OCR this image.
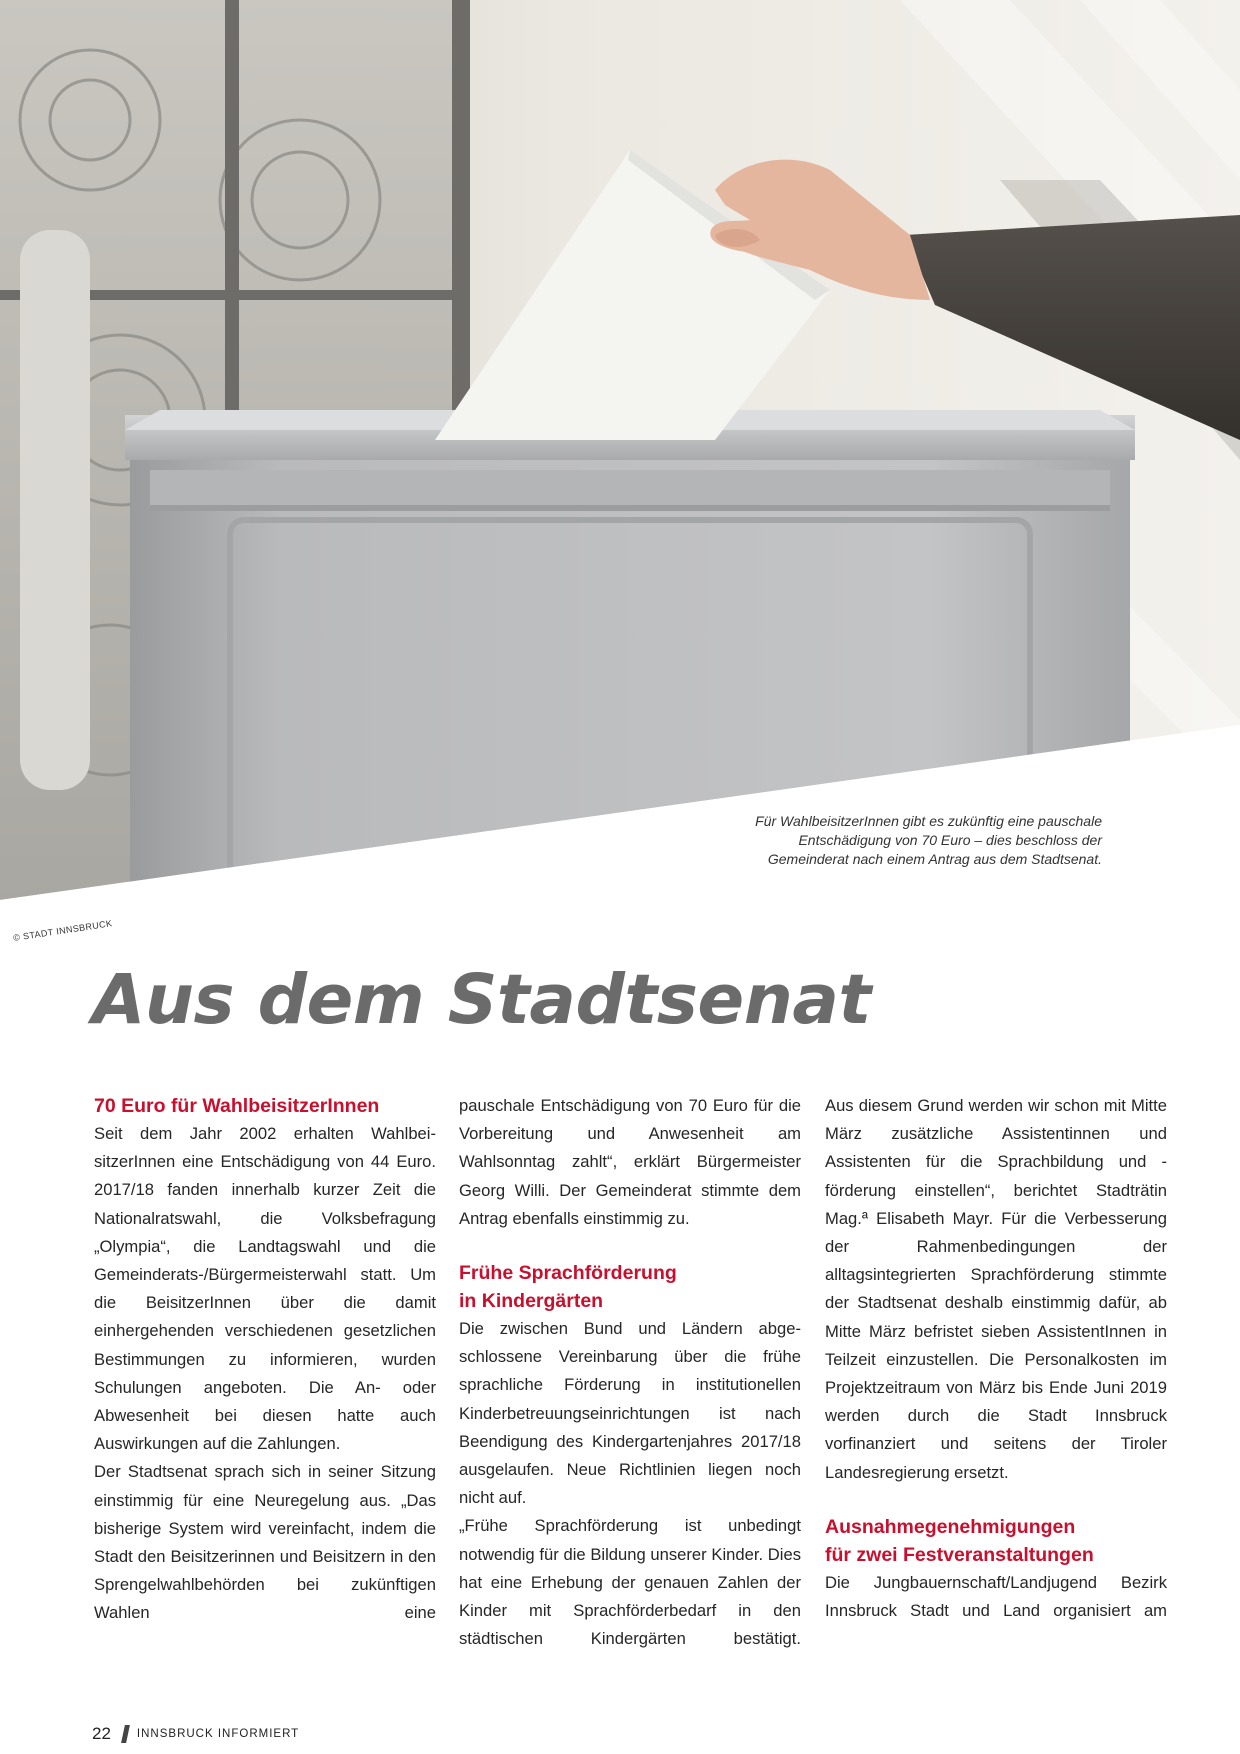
Für WahlbeisitzerInnen gibt es zukünftig eine pauschale Entschädigung von 70 Euro – dies beschloss der Gemeinderat nach einem Antrag aus dem Stadtsenat.
© STADT INNSBRUCK
Aus dem Stadtsenat
70 Euro für WahlbeisitzerInnen

Seit dem Jahr 2002 erhalten WahlbeisitzerInnen eine Entschädigung von 44 Euro. 2017/18 fanden innerhalb kurzer Zeit die Nationalratswahl, die Volksbefragung „Olympia“, die Landtagswahl und die Gemeinderats-/Bürgermeisterwahl statt. Um die BeisitzerInnen über die damit einhergehenden verschiedenen gesetzlichen Bestimmungen zu informieren, wurden Schulungen angeboten. Die An- oder Abwesenheit bei diesen hatte auch Auswirkungen auf die Zahlungen.

Der Stadtsenat sprach sich in seiner Sitzung einstimmig für eine Neuregelung aus. „Das bisherige System wird vereinfacht, indem die Stadt den Beisitzerinnen und Beisitzern in den Sprengelwahlbehörden bei zukünftigen Wahlen eine

pauschale Entschädigung von 70 Euro für die Vorbereitung und Anwesenheit am Wahlsonntag zahlt“, erklärt Bürgermeister Georg Willi. Der Gemeinderat stimmte dem Antrag ebenfalls einstimmig zu.

Frühe Sprachförderung
in Kindergärten

Die zwischen Bund und Ländern abgeschlossene Vereinbarung über die frühe sprachliche Förderung in institutionellen Kinderbetreuungseinrichtungen ist nach Beendigung des Kindergartenjahres 2017/18 ausgelaufen. Neue Richtlinien liegen noch nicht auf.

„Frühe Sprachförderung ist unbedingt notwendig für die Bildung unserer Kinder. Dies hat eine Erhebung der genauen Zahlen der Kinder mit Sprachförderbedarf in den städtischen Kindergärten bestätigt.

Aus diesem Grund werden wir schon mit Mitte März zusätzliche Assistentinnen und Assistenten für die Sprachbildung und -förderung einstellen“, berichtet Stadträtin Mag.ª Elisabeth Mayr. Für die Verbesserung der Rahmenbedingungen der alltagsintegrierten Sprachförderung stimmte der Stadtsenat deshalb einstimmig dafür, ab Mitte März befristet sieben AssistentInnen in Teilzeit einzustellen. Die Personalkosten im Projektzeitraum von März bis Ende Juni 2019 werden durch die Stadt Innsbruck vorfinanziert und seitens der Tiroler Landesregierung ersetzt.

Ausnahmegenehmigungen
für zwei Festveranstaltungen

Die Jungbauernschaft/Landjugend Bezirk Innsbruck Stadt und Land organisiert am

22 INNSBRUCK INFORMIERT
